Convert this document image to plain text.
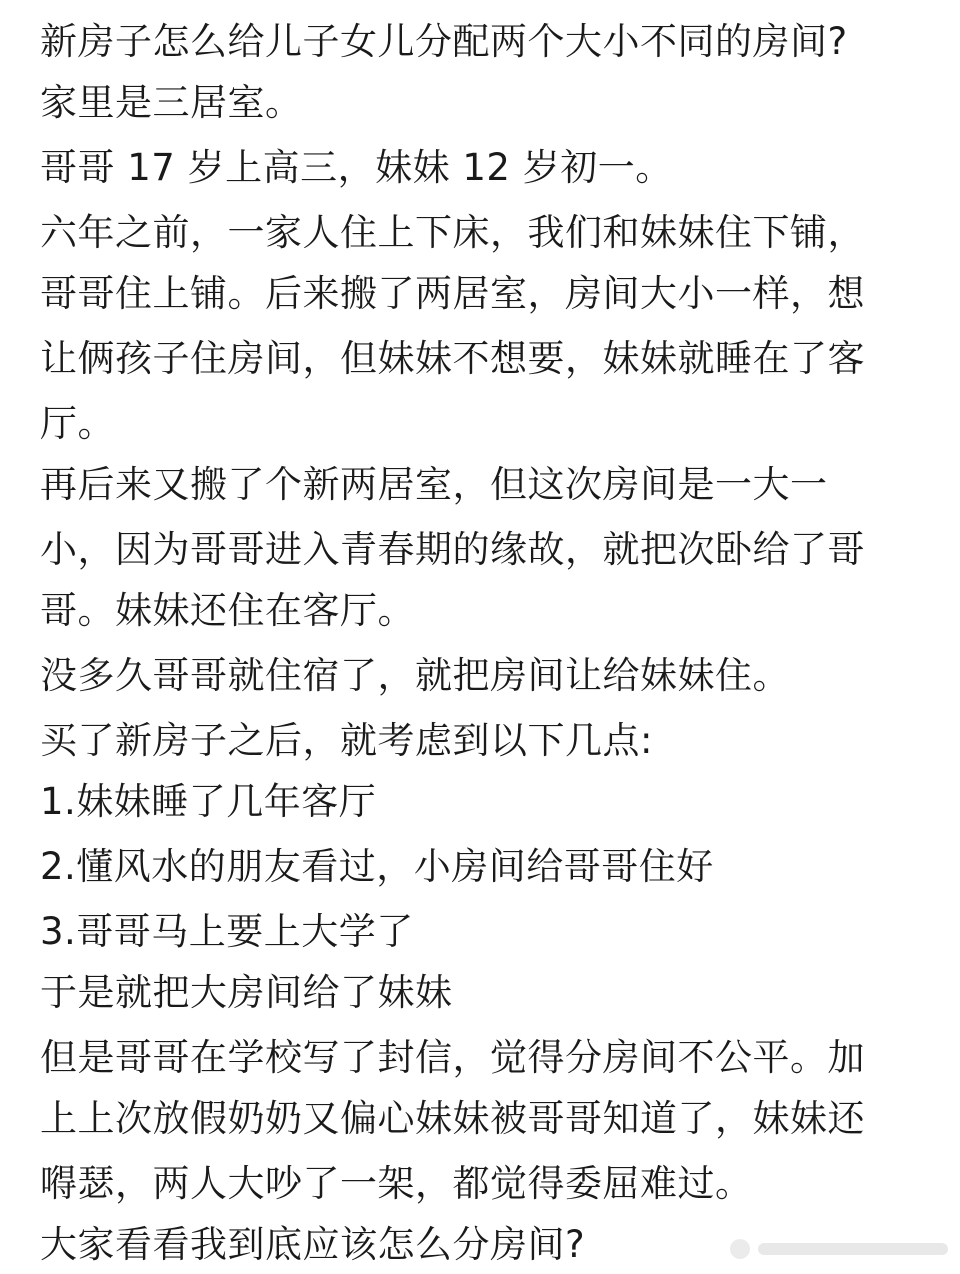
新房子怎么给儿子女儿分配两个大小不同的房间?
家里是三居室。
哥哥 17 岁上高三，妹妹 12 岁初一。
六年之前，一家人住上下床，我们和妹妹住下铺，
哥哥住上铺。后来搬了两居室，房间大小一样，想
让俩孩子住房间，但妹妹不想要，妹妹就睡在了客
厅。
再后来又搬了个新两居室，但这次房间是一大一
小，因为哥哥进入青春期的缘故，就把次卧给了哥
哥。妹妹还住在客厅。
没多久哥哥就住宿了，就把房间让给妹妹住。
买了新房子之后，就考虑到以下几点:
1.妹妹睡了几年客厅
2.懂风水的朋友看过，小房间给哥哥住好
3.哥哥马上要上大学了
于是就把大房间给了妹妹
但是哥哥在学校写了封信，觉得分房间不公平。加
上上次放假奶奶又偏心妹妹被哥哥知道了，妹妹还
嘚瑟，两人大吵了一架，都觉得委屈难过。
大家看看我到底应该怎么分房间?
